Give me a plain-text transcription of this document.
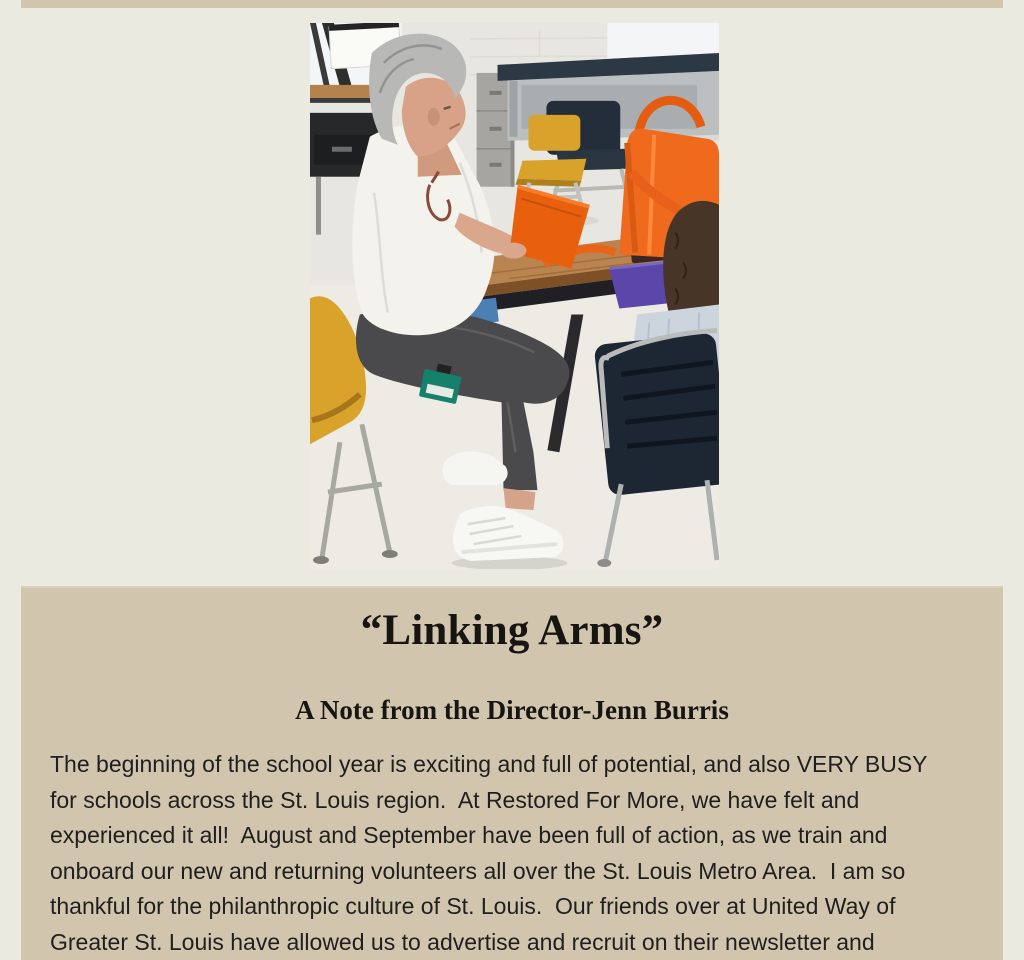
“Linking Arms”
A Note from the Director-Jenn Burris
The beginning of the school year is exciting and full of potential, and also VERY BUSY
for schools across the St. Louis region.  At Restored For More, we have felt and
experienced it all!  August and September have been full of action, as we train and
onboard our new and returning volunteers all over the St. Louis Metro Area.  I am so
thankful for the philanthropic culture of St. Louis.  Our friends over at United Way of
Greater St. Louis have allowed us to advertise and recruit on their newsletter and
